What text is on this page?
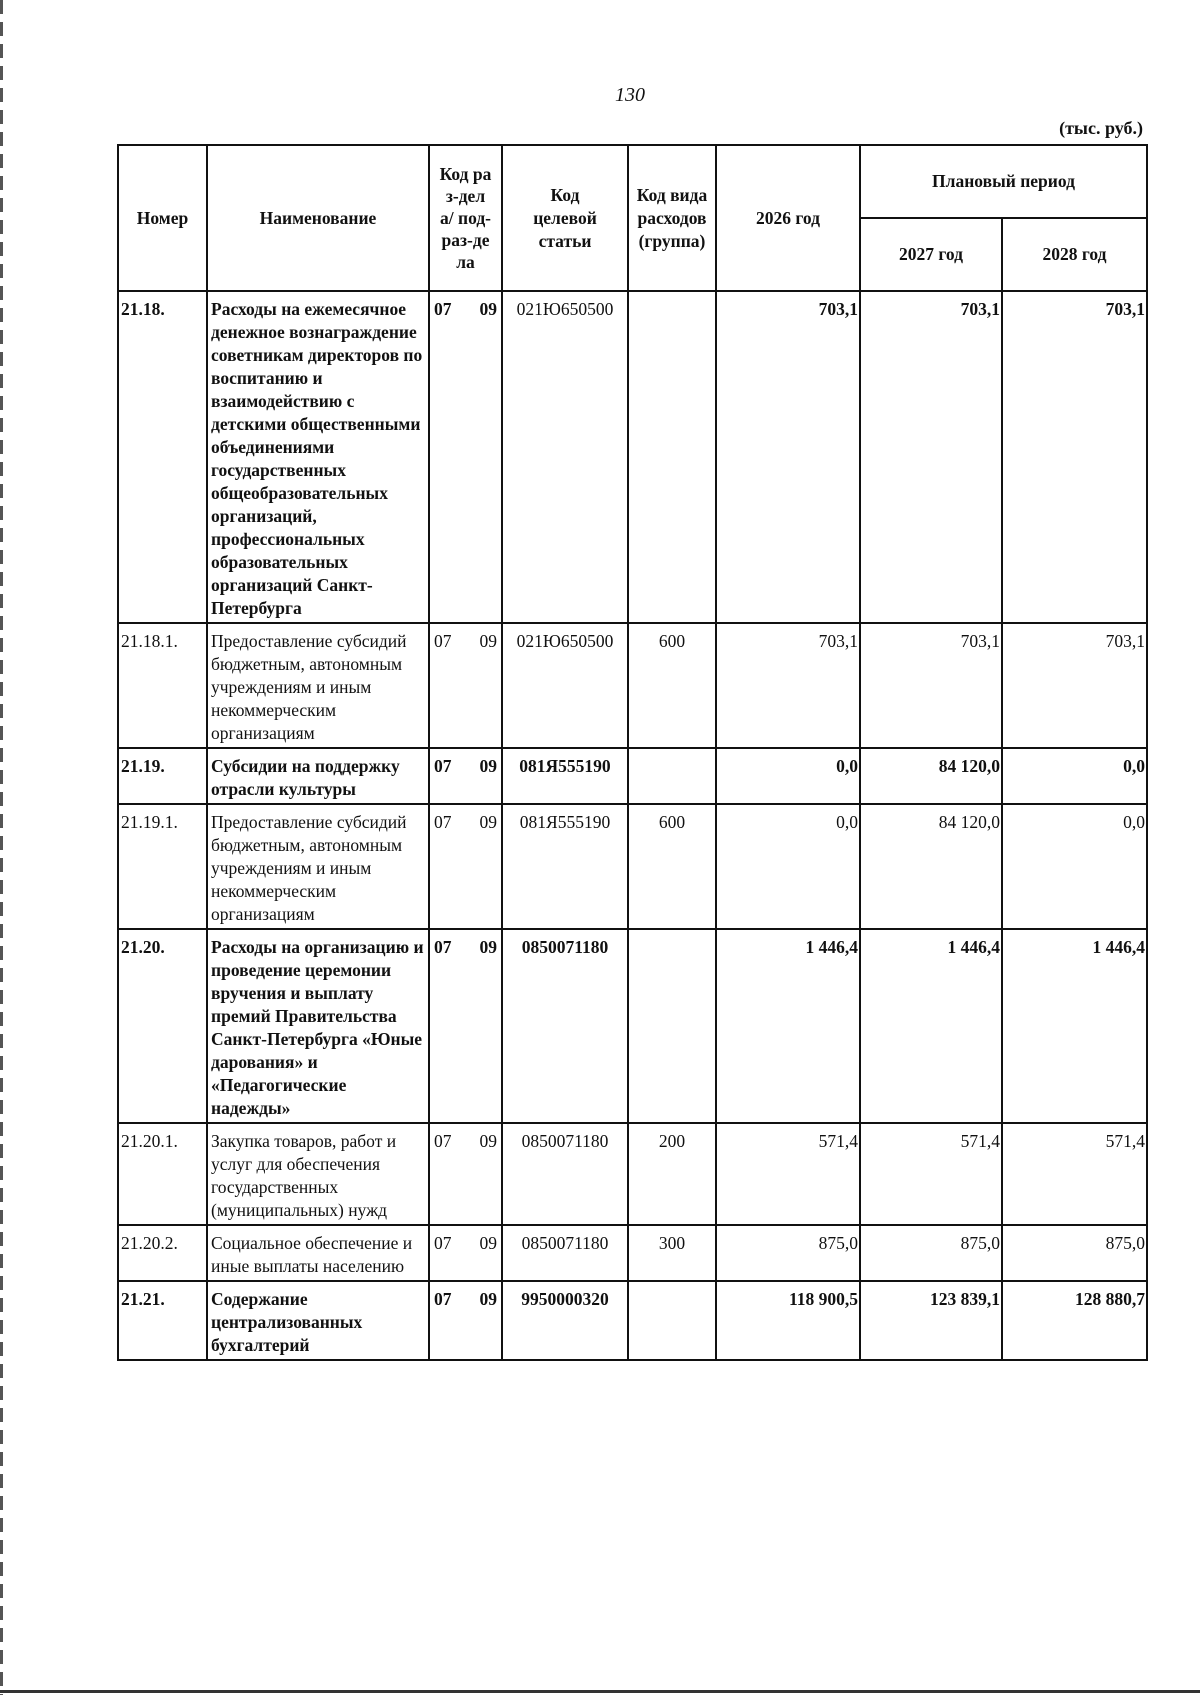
130
(тыс. руб.)
Номер	Наименование	Код раз-дела/ под-раз-дела	Код целевой статьи	Код вида расходов (группа)	2026 год	Плановый период	
						2027 год	2028 год
21.18.	Расходы на ежемесячное денежное вознаграждение советникам директоров по воспитанию и взаимодействию с детскими общественными объединениями государственных общеобразовательных организаций, профессиональных образовательных организаций Санкт-Петербурга	07 09	021Ю650500		703,1	703,1	703,1
21.18.1.	Предоставление субсидий бюджетным, автономным учреждениям и иным некоммерческим организациям	07 09	021Ю650500	600	703,1	703,1	703,1
21.19.	Субсидии на поддержку отрасли культуры	07 09	081Я555190		0,0	84 120,0	0,0
21.19.1.	Предоставление субсидий бюджетным, автономным учреждениям и иным некоммерческим организациям	07 09	081Я555190	600	0,0	84 120,0	0,0
21.20.	Расходы на организацию и проведение церемонии вручения и выплату премий Правительства Санкт-Петербурга «Юные дарования» и «Педагогические надежды»	07 09	0850071180		1 446,4	1 446,4	1 446,4
21.20.1.	Закупка товаров, работ и услуг для обеспечения государственных (муниципальных) нужд	07 09	0850071180	200	571,4	571,4	571,4
21.20.2.	Социальное обеспечение и иные выплаты населению	07 09	0850071180	300	875,0	875,0	875,0
21.21.	Содержание централизованных бухгалтерий	07 09	9950000320		118 900,5	123 839,1	128 880,7
